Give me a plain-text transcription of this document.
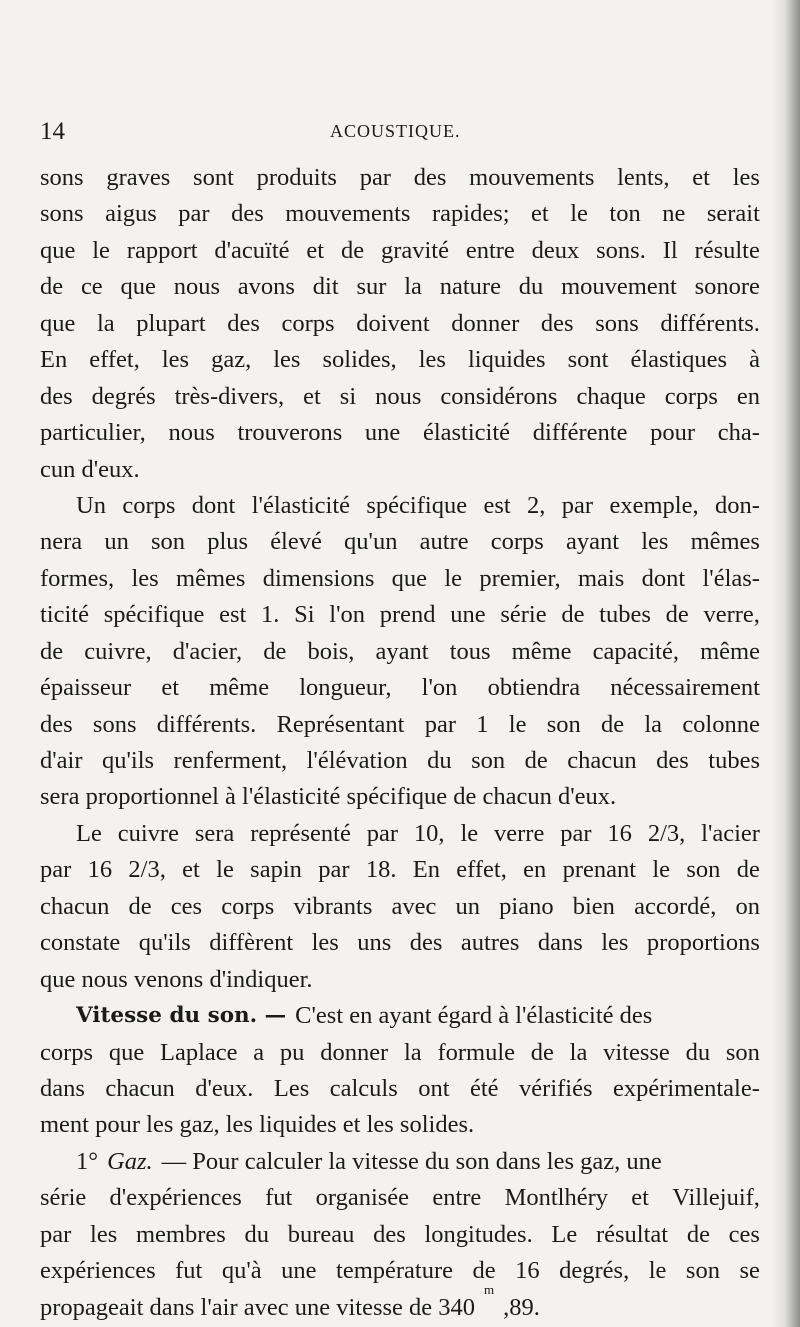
14	ACOUSTIQUE.
sons graves sont produits par des mouvements lents, et les
sons aigus par des mouvements rapides; et le ton ne serait
que le rapport d'acuïté et de gravité entre deux sons. Il résulte
de ce que nous avons dit sur la nature du mouvement sonore
que la plupart des corps doivent donner des sons différents.
En effet, les gaz, les solides, les liquides sont élastiques à
des degrés très-divers, et si nous considérons chaque corps en
particulier, nous trouverons une élasticité différente pour cha-
cun d'eux.
Un corps dont l'élasticité spécifique est 2, par exemple, don-
nera un son plus élevé qu'un autre corps ayant les mêmes
formes, les mêmes dimensions que le premier, mais dont l'élas-
ticité spécifique est 1. Si l'on prend une série de tubes de verre,
de cuivre, d'acier, de bois, ayant tous même capacité, même
épaisseur et même longueur, l'on obtiendra nécessairement
des sons différents. Représentant par 1 le son de la colonne
d'air qu'ils renferment, l'élévation du son de chacun des tubes
sera proportionnel à l'élasticité spécifique de chacun d'eux.
Le cuivre sera représenté par 10, le verre par 16 2/3, l'acier
par 16 2/3, et le sapin par 18. En effet, en prenant le son de
chacun de ces corps vibrants avec un piano bien accordé, on
constate qu'ils diffèrent les uns des autres dans les proportions
que nous venons d'indiquer.
Vitesse du son. — C'est en ayant égard à l'élasticité des
corps que Laplace a pu donner la formule de la vitesse du son
dans chacun d'eux. Les calculs ont été vérifiés expérimentale-
ment pour les gaz, les liquides et les solides.
1° Gaz. — Pour calculer la vitesse du son dans les gaz, une
série d'expériences fut organisée entre Montlhéry et Villejuif,
par les membres du bureau des longitudes. Le résultat de ces
expériences fut qu'à une température de 16 degrés, le son se
propageait dans l'air avec une vitesse de 340
m
,89.
